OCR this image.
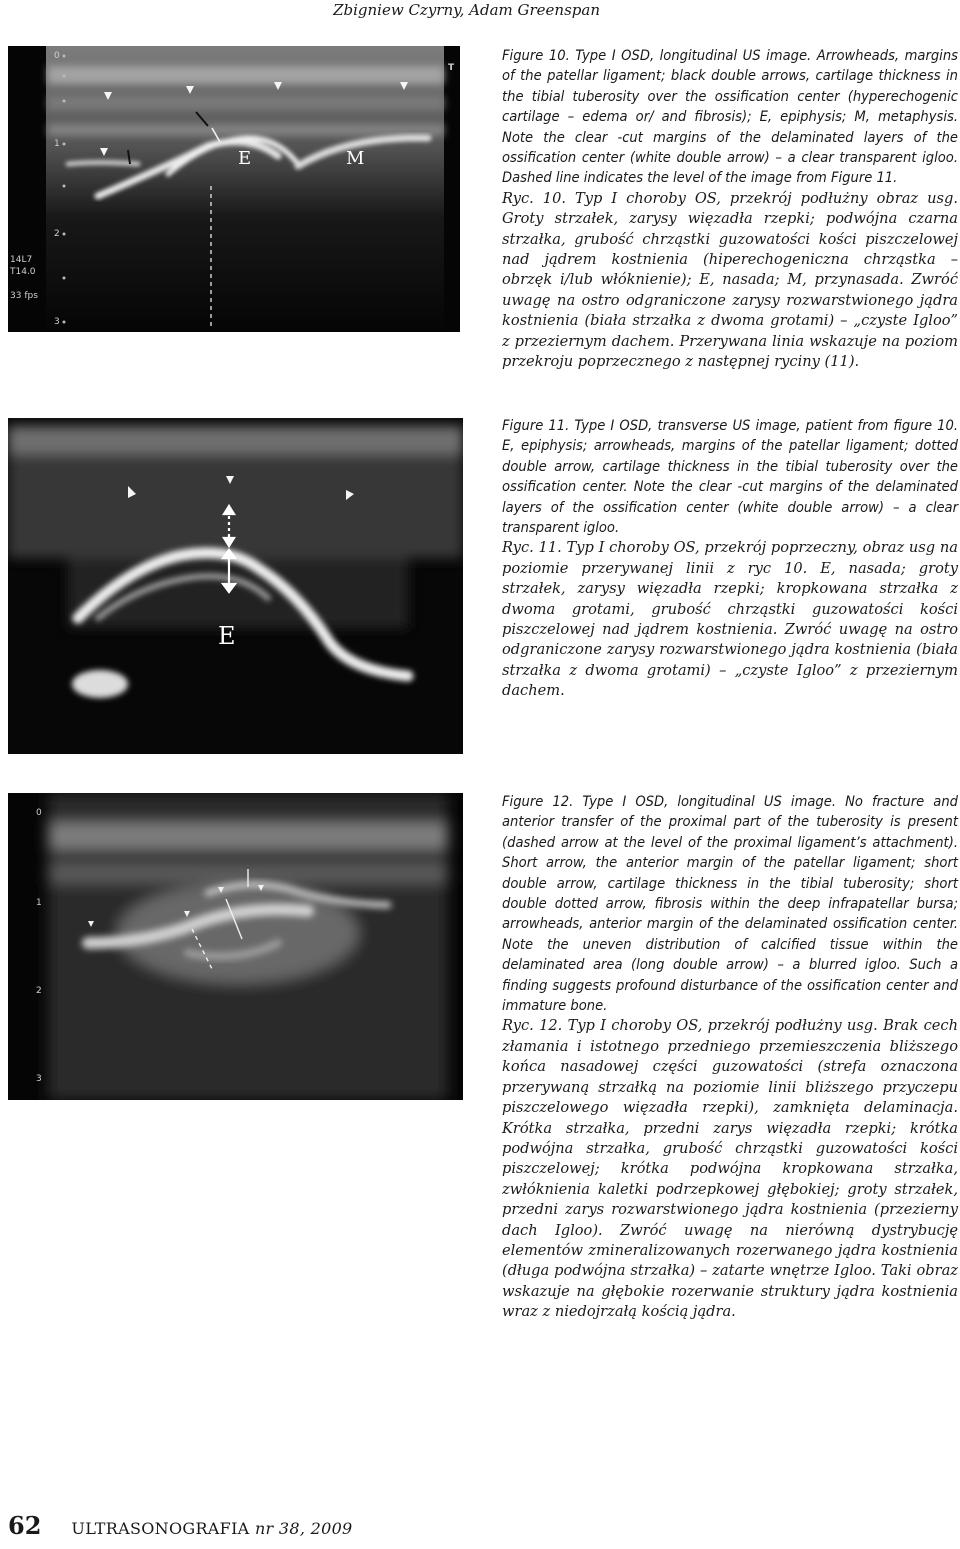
Zbigniew Czyrny, Adam Greenspan
E	M
0
1
2
3
14L7
T14.0
33 fps
T

Figure 10. Type I OSD, longitudinal US image. Arrowheads, margins of the patellar ligament; black double arrows, cartilage thickness in the tibial tuberosity over the ossification center (hyperechogenic cartilage – edema or/ and fibrosis); E, epiphysis; M, metaphysis. Note the clear -cut margins of the delaminated layers of the ossification center (white double arrow) – a clear transparent igloo. Dashed line indicates the level of the image from Figure 11.

Ryc. 10. Typ I choroby OS, przekrój podłużny obraz usg. Groty strzałek, zarysy więzadła rzepki; podwójna czarna strzałka, grubość chrząstki guzowatości kości piszczelowej nad jądrem kostnienia (hiperechogeniczna chrząstka – obrzęk i/lub włóknienie); E, nasada; M, przynasada. Zwróć uwagę na ostro odgraniczone zarysy rozwarstwionego jądra kostnienia (biała strzałka z dwoma grotami) – „czyste Igloo” z przeziernym dachem. Przerywana linia wskazuje na poziom przekroju poprzecznego z następnej ryciny (11).

E

Figure 11. Type I OSD, transverse US image, patient from figure 10. E, epiphysis; arrowheads, margins of the patellar ligament; dotted double arrow, cartilage thickness in the tibial tuberosity over the ossification center. Note the clear -cut margins of the delaminated layers of the ossification center (white double arrow) – a clear transparent igloo.

Ryc. 11. Typ I choroby OS, przekrój poprzeczny, obraz usg na poziomie przerywanej linii z ryc 10. E, nasada; groty strzałek, zarysy więzadła rzepki; kropkowana strzałka z dwoma grotami, grubość chrząstki guzowatości kości piszczelowej nad jądrem kostnienia. Zwróć uwagę na ostro odgraniczone zarysy rozwarstwionego jądra kostnienia (biała strzałka z dwoma grotami) – „czyste Igloo” z przeziernym dachem.

0
1
2
3

Figure 12. Type I OSD, longitudinal US image. No fracture and anterior transfer of the proximal part of the tuberosity is present (dashed arrow at the level of the proximal ligament’s attachment). Short arrow, the anterior margin of the patellar ligament; short double arrow, cartilage thickness in the tibial tuberosity; short double dotted arrow, fibrosis within the deep infrapatellar bursa; arrowheads, anterior margin of the delaminated ossification center. Note the uneven distribution of calcified tissue within the delaminated area (long double arrow) – a blurred igloo. Such a finding suggests profound disturbance of the ossification center and immature bone.

Ryc. 12. Typ I choroby OS, przekrój podłużny usg. Brak cech złamania i istotnego przedniego przemieszczenia bliższego końca nasadowej części guzowatości (strefa oznaczona przerywaną strzałką na poziomie linii bliższego przyczepu piszczelowego więzadła rzepki), zamknięta delaminacja. Krótka strzałka, przedni zarys więzadła rzepki; krótka podwójna strzałka, grubość chrząstki guzowatości kości piszczelowej; krótka podwójna kropkowana strzałka, zwłóknienia kaletki podrzepkowej głębokiej; groty strzałek, przedni zarys rozwarstwionego jądra kostnienia (przezierny dach Igloo). Zwróć uwagę na nierówną dystrybucję elementów zmineralizowanych rozerwanego jądra kostnienia (długa podwójna strzałka) – zatarte wnętrze Igloo. Taki obraz wskazuje na głębokie rozerwanie struktury jądra kostnienia wraz z niedojrzałą kością jądra.

62 ULTRASONOGRAFIA nr 38, 2009
